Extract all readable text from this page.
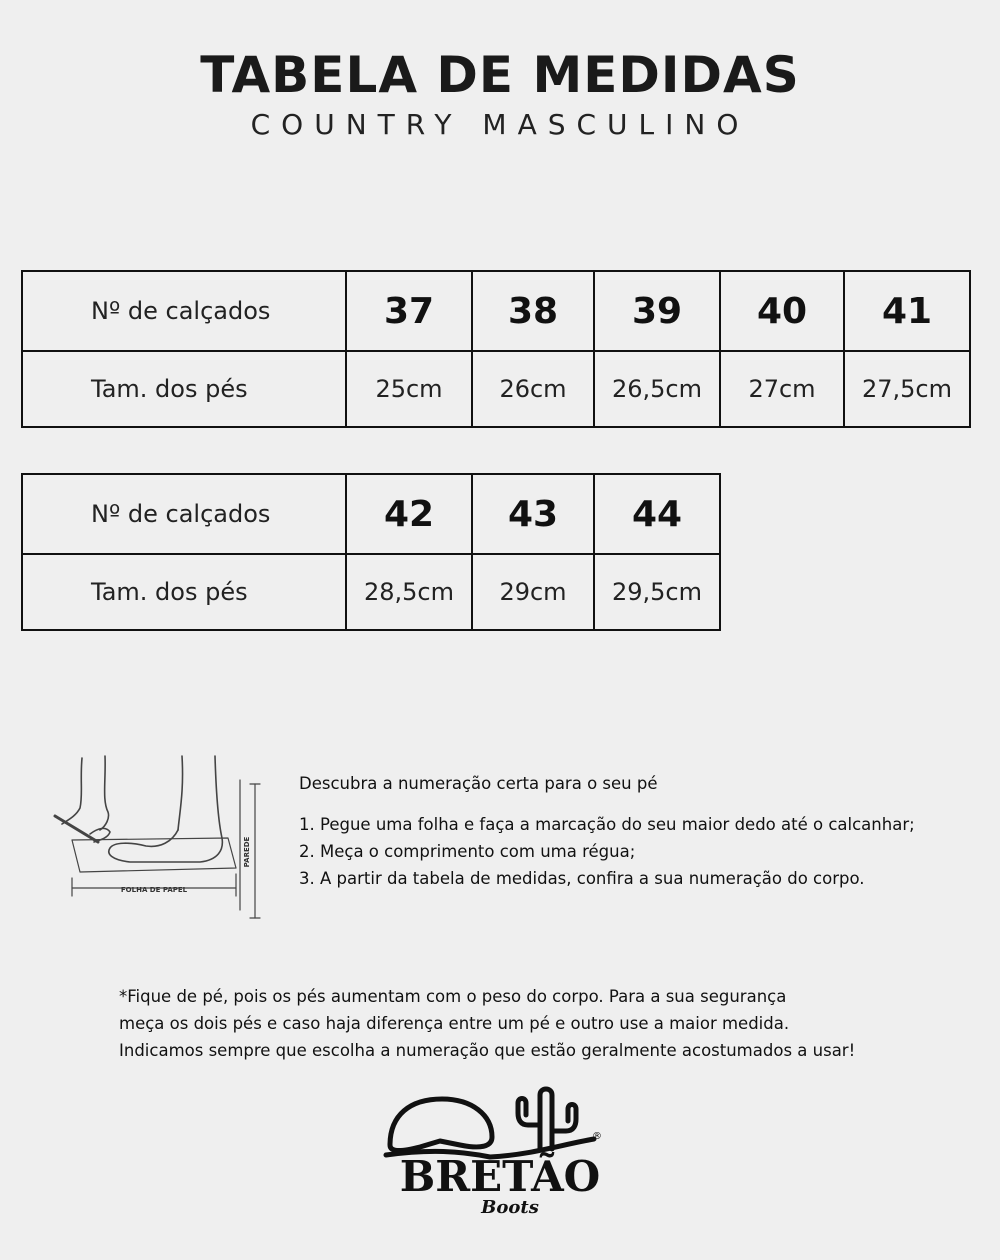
TABELA DE MEDIDAS
COUNTRY MASCULINO
Nº de calçados	37	38	39	40	41
Tam. dos pés	25cm	26cm	26,5cm	27cm	27,5cm
Nº de calçados	42	43	44
Tam. dos pés	28,5cm	29cm	29,5cm
FOLHA DE PAPEL
PAREDE
Descubra a numeração certa para o seu pé
1. Pegue uma folha e faça a marcação do seu maior dedo até o calcanhar;
2. Meça o comprimento com uma régua;
3. A partir da tabela de medidas, confira a sua numeração do corpo.
*Fique de pé, pois os pés aumentam com o peso do corpo. Para a sua segurança
meça os dois pés e caso haja diferença entre um pé e outro use a maior medida.
Indicamos sempre que escolha a numeração que estão geralmente acostumados a usar!
®
BRETÃO
Boots
